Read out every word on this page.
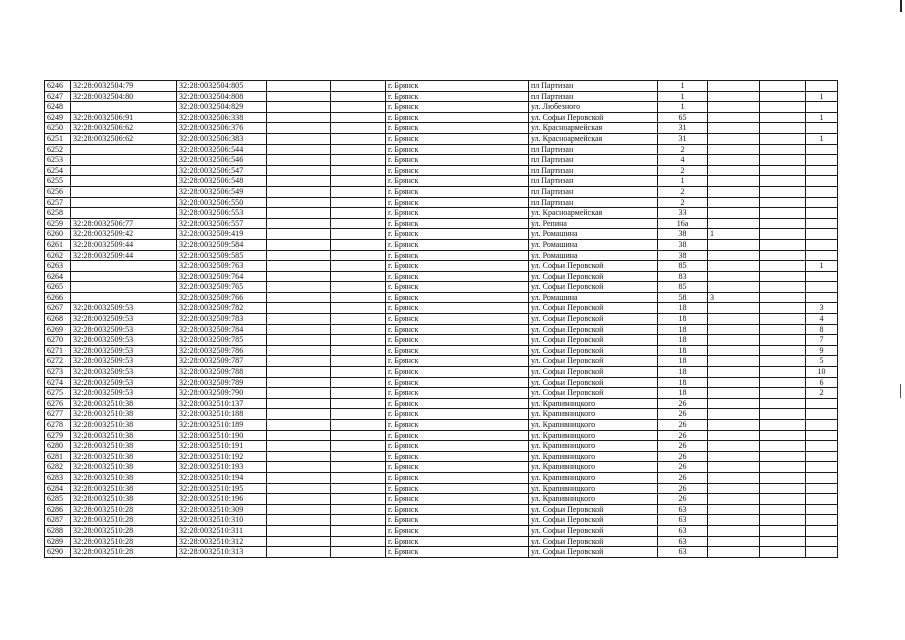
6246	32:28:0032504:79	32:28:0032504:805			г. Брянск	пл Партизан	1			
6247	32:28:0032504:80	32:28:0032504:808			г. Брянск	пл Партизан	1			1
6248		32:28:0032504:829			г. Брянск	ул. Любезного	1			
6249	32:28:0032506:91	32:28:0032506:338			г. Брянск	ул. Софьи Перовской	65			1
6250	32:28:0032506:62	32:28:0032506:376			г. Брянск	ул. Красноармейская	31			
6251	32:28:0032506:62	32:28:0032506:383			г. Брянск	ул. Красноармейская	31			1
6252		32:28:0032506:544			г. Брянск	пл Партизан	2			
6253		32:28:0032506:546			г. Брянск	пл Партизан	4			
6254		32:28:0032506:547			г. Брянск	пл Партизан	2			
6255		32:28:0032506:548			г. Брянск	пл Партизан	1			
6256		32:28:0032506:549			г. Брянск	пл Партизан	2			
6257		32:28:0032506:550			г. Брянск	пл Партизан	2			
6258		32:28:0032506:553			г. Брянск	ул. Красноармейская	33			
6259	32:28:0032506:77	32:28:0032506:557			г. Брянск	ул. Репина	16а			
6260	32:28:0032509:42	32:28:0032509:419			г. Брянск	ул. Ромашина	38	1		
6261	32:28:0032509:44	32:28:0032509:584			г. Брянск	ул. Ромашина	38			
6262	32:28:0032509:44	32:28:0032509:585			г. Брянск	ул. Ромашина	38			
6263		32:28:0032509:763			г. Брянск	ул. Софьи Перовской	85			1
6264		32:28:0032509:764			г. Брянск	ул. Софьи Перовской	83			
6265		32:28:0032509:765			г. Брянск	ул. Софьи Перовской	85			
6266		32:28:0032509:766			г. Брянск	ул. Ромашина	58	3		
6267	32:28:0032509:53	32:28:0032509:782			г. Брянск	ул. Софьи Перовской	18			3
6268	32:28:0032509:53	32:28:0032509:783			г. Брянск	ул. Софьи Перовской	18			4
6269	32:28:0032509:53	32:28:0032509:784			г. Брянск	ул. Софьи Перовской	18			8
6270	32:28:0032509:53	32:28:0032509:785			г. Брянск	ул. Софьи Перовской	18			7
6271	32:28:0032509:53	32:28:0032509:786			г. Брянск	ул. Софьи Перовской	18			9
6272	32:28:0032509:53	32:28:0032509:787			г. Брянск	ул. Софьи Перовской	18			5
6273	32:28:0032509:53	32:28:0032509:788			г. Брянск	ул. Софьи Перовской	18			10
6274	32:28:0032509:53	32:28:0032509:789			г. Брянск	ул. Софьи Перовской	18			6
6275	32:28:0032509:53	32:28:0032509:790			г. Брянск	ул. Софьи Перовской	18			2
6276	32:28:0032510:38	32:28:0032510:137			г. Брянск	ул. Крапивницкого	26			
6277	32:28:0032510:38	32:28:0032510:188			г. Брянск	ул. Крапивницкого	26			
6278	32:28:0032510:38	32:28:0032510:189			г. Брянск	ул. Крапивницкого	26			
6279	32:28:0032510:38	32:28:0032510:190			г. Брянск	ул. Крапивницкого	26			
6280	32:28:0032510:38	32:28:0032510:191			г. Брянск	ул. Крапивницкого	26			
6281	32:28:0032510:38	32:28:0032510:192			г. Брянск	ул. Крапивницкого	26			
6282	32:28:0032510:38	32:28:0032510:193			г. Брянск	ул. Крапивницкого	26			
6283	32:28:0032510:38	32:28:0032510:194			г. Брянск	ул. Крапивницкого	26			
6284	32:28:0032510:38	32:28:0032510:195			г. Брянск	ул. Крапивницкого	26			
6285	32:28:0032510:38	32:28:0032510:196			г. Брянск	ул. Крапивницкого	26			
6286	32:28:0032510:28	32:28:0032510:309			г. Брянск	ул. Софьи Перовской	63			
6287	32:28:0032510:28	32:28:0032510:310			г. Брянск	ул. Софьи Перовской	63			
6288	32:28:0032510:28	32:28:0032510:311			г. Брянск	ул. Софьи Перовской	63			
6289	32:28:0032510:28	32:28:0032510:312			г. Брянск	ул. Софьи Перовской	63			
6290	32:28:0032510:28	32:28:0032510:313			г. Брянск	ул. Софьи Перовской	63			
